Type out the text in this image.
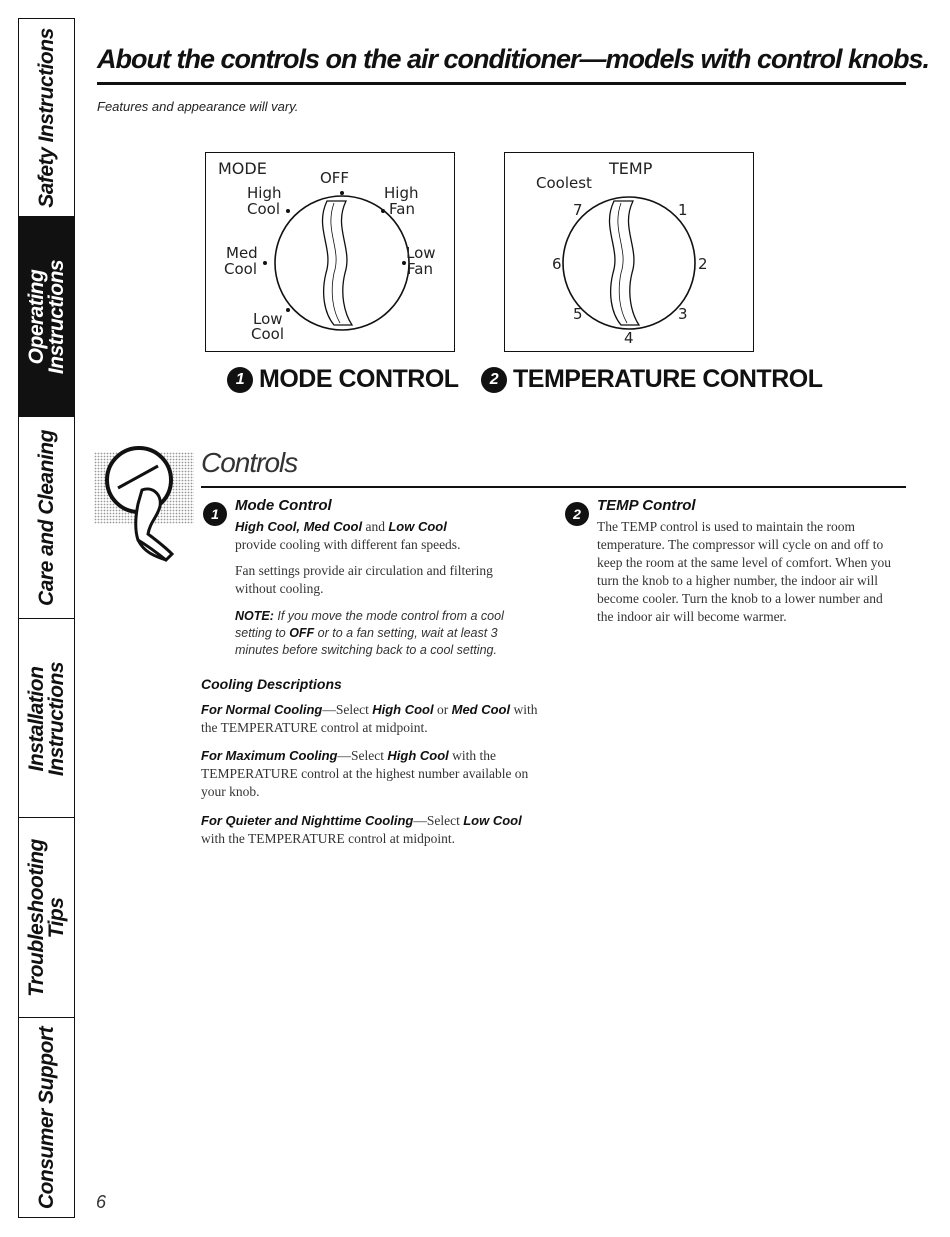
Safety Instructions
Operating Instructions
Care and Cleaning
Installation Instructions
Troubleshooting Tips
Consumer Support
About the controls on the air conditioner—models with control knobs.
Features and appearance will vary.
MODE	OFF
High
Cool
High
Fan
Med
Cool
Low
Fan
Low
Cool
TEMP
Coolest
7	1
6	2
5	3
4
1 MODE CONTROL	2 TEMPERATURE CONTROL
Controls
1	Mode Control
High Cool, Med Cool and Low Cool
provide cooling with different fan speeds.
Fan settings provide air circulation and filtering without cooling.
NOTE: If you move the mode control from a cool setting to OFF or to a fan setting, wait at least 3 minutes before switching back to a cool setting.
Cooling Descriptions
For Normal Cooling—Select High Cool or Med Cool with the TEMPERATURE control at midpoint.
For Maximum Cooling—Select High Cool with the TEMPERATURE control at the highest number available on your knob.
For Quieter and Nighttime Cooling—Select Low Cool with the TEMPERATURE control at midpoint.
2	TEMP Control
The TEMP control is used to maintain the room temperature. The compressor will cycle on and off to keep the room at the same level of comfort. When you turn the knob to a higher number, the indoor air will become cooler. Turn the knob to a lower number and the indoor air will become warmer.
6
